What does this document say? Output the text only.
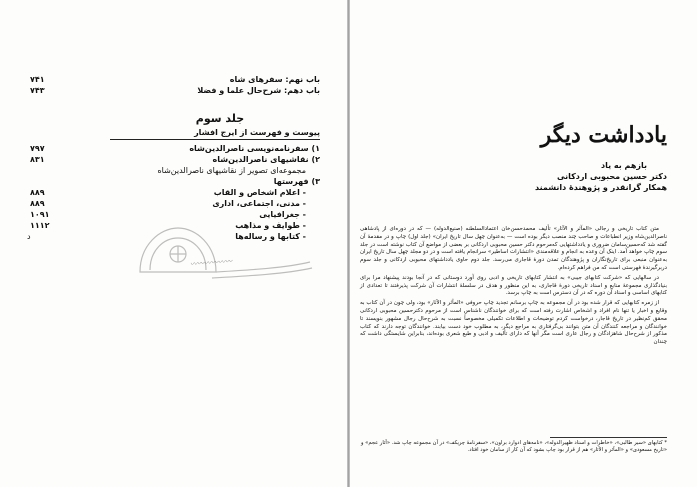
باب نهم: سفرهای شاه
۷۴۱
باب دهم: شرح‌حال علما و فضلا
۷۴۳
جلد سوم
پیوست و فهرست از ایرج افشار
۱) سفرنامه‌نویسی ناصرالدین‌شاه
۷۹۷
۲) نقاشیهای ناصرالدین‌شاه
۸۳۱
مجموعه‌ای تصویر از نقاشیهای ناصرالدین‌شاه
۳) فهرستها
- اعلام اشخاص و القاب
۸۸۹
- مدنی، اجتماعی، اداری
۸۸۹
- جغرافیایی
۱۰۹۱
- طوایف و مذاهب
۱۱۱۲
- کتابها و رساله‌ها
د
〰〰〰〰〰〰
یادداشت دیگر
بازهم به یاد
دکتر حسین محبوبی اردکانی
همکار گرانقدر و پژوهندهٔ دانشمند

متن کتاب تاریخی و رجالی «المآثر و الآثار» تألیف محمدحسن‌خان اعتمادالسلطنه (صنیع‌الدوله) — که در دوره‌ای از پادشاهی ناصرالدین‌شاه وزیر انطباعات و صاحب چند منصب دیگر بوده است — به‌عنوان چهل سال تاریخ ایران» (جلد اول) چاپ و در مقدمهٔ آن گفته شد که‌حسین‌سامان ضروری و یادداشتهایی که‌مرحوم دکتر حسین محبوبی اردکانی بر بعضی از مواضع آن کتاب نوشته است در جلد سوم چاپ خواهد آمد. اینک آن وعده به انجام و علاقه‌مندی «انتشارات اساطیر» سرانجام یافته است و در دو مجلد چهل سال تاریخ ایران به‌عنوان منبعی برای تاریخ‌نگاران و پژوهندگان تمدن دورهٔ قاجاری می‌رسد. جلد دوم حاوی یادداشتهای محبوبی اردکانی و جلد سوم دربرگیرندهٔ فهرستی است که من فراهم کرده‌ام.

در سالهایی که «شرکت کتابهای جیبی» به انتشار کتابهای تاریخی و ادبی روی آورد دوستانی که در آنجا بودند پیشنهاد مرا برای بنیادگذاری مجموعهٔ منابع و اسناد تاریخی دورهٔ قاجاری، به این منظور و هدف در سلسلهٔ انتشارات آن شرکت پذیرفتند تا تعدادی از کتابهای اساسی و اسناد آن دوره که در آن دسترس است به چاپ برسد.

از زمره کتابهایی که قرار شده بود در آن مجموعه به چاپ برسانم تجدید چاپ حروفی «المآثر و الآثار» بود، ولی چون در آن کتاب به وقایع و اخبار یا تنها نام افراد و اشخاص اشارت رفته است که برای خوانندگان ناشناس است از مرحوم دکترحسین محبوبی اردکانی محقق کم‌نظیر در تاریخ قاجار، درخواست کردم توضیحات و اطلاعات تکمیلی مخصوصاً نسبت به شرح‌حال رجال مشهور بنویسند تا خوانندگان و مراجعه کنندگان آن متن بتوانند بی‌گرفتاری به مراجع دیگر، به مطلوب خود دست بیابند. خوانندگان توجه دارند که کتاب مذکور از شرح‌حال شاهزادگان و رجال عاری است مگر آنها که دارای تألیف و ادبی و طبع شعری بوده‌اند، بنابراین شایستگی داشت که چندان

* کتابهای «سیر طالبی»، «خاطرات و اسناد ظهیرالدوله»، «نامه‌های ادوارد براون»، «سفرنامهٔ چریکف» در آن مجموعه چاپ شد. «آثار عجم» و «تاریخ مسعودی» و «المآثر و الآثار» هم از قرار بود چاپ بشود که آن کار از سامان خود افتاد.
